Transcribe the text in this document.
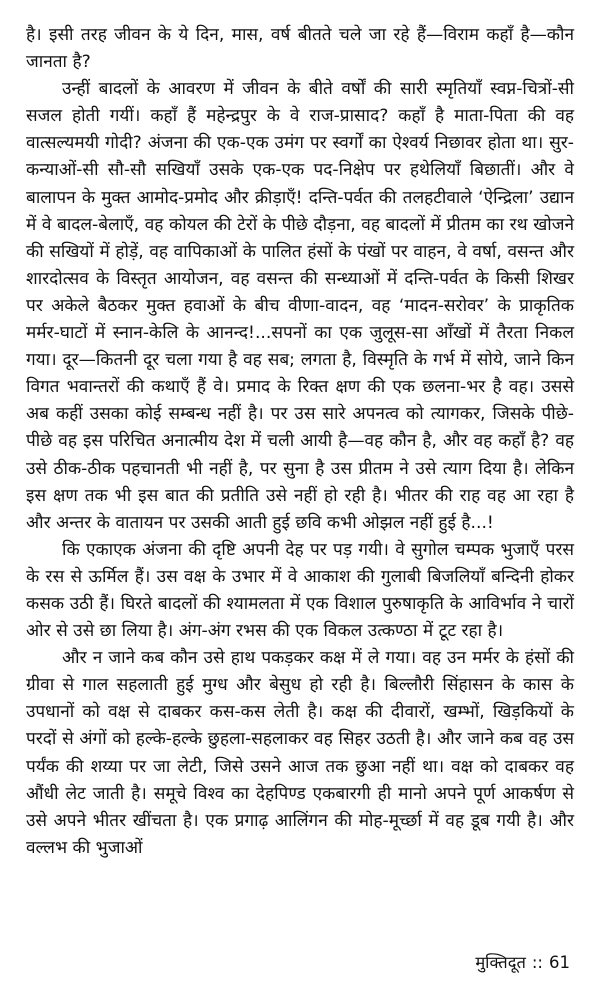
है। इसी तरह जीवन के ये दिन, मास, वर्ष बीतते चले जा रहे हैं—विराम कहाँ है—कौन जानता है?

उन्हीं बादलों के आवरण में जीवन के बीते वर्षों की सारी स्मृतियाँ स्वप्न-चित्रों-सी सजल होती गयीं। कहाँ हैं महेन्द्रपुर के वे राज-प्रासाद? कहाँ है माता-पिता की वह वात्सल्यमयी गोदी? अंजना की एक-एक उमंग पर स्वर्गों का ऐश्वर्य निछावर होता था। सुर-कन्याओं-सी सौ-सौ सखियाँ उसके एक-एक पद-निक्षेप पर हथेलियाँ बिछातीं। और वे बालापन के मुक्त आमोद-प्रमोद और क्रीड़ाएँ! दन्ति-पर्वत की तलहटीवाले ‘ऐन्द्रिला’ उद्यान में वे बादल-बेलाएँ, वह कोयल की टेरों के पीछे दौड़ना, वह बादलों में प्रीतम का रथ खोजने की सखियों में होड़ें, वह वापिकाओं के पालित हंसों के पंखों पर वाहन, वे वर्षा, वसन्त और शारदोत्सव के विस्तृत आयोजन, वह वसन्त की सन्ध्याओं में दन्ति-पर्वत के किसी शिखर पर अकेले बैठकर मुक्त हवाओं के बीच वीणा-वादन, वह ‘मादन-सरोवर’ के प्राकृतिक मर्मर-घाटों में स्नान-केलि के आनन्द!...सपनों का एक जुलूस-सा आँखों में तैरता निकल गया। दूर—कितनी दूर चला गया है वह सब; लगता है, विस्मृति के गर्भ में सोये, जाने किन विगत भवान्तरों की कथाएँ हैं वे। प्रमाद के रिक्त क्षण की एक छलना-भर है वह। उससे अब कहीं उसका कोई सम्बन्ध नहीं है। पर उस सारे अपनत्व को त्यागकर, जिसके पीछे-पीछे वह इस परिचित अनात्मीय देश में चली आयी है—वह कौन है, और वह कहाँ है? वह उसे ठीक-ठीक पहचानती भी नहीं है, पर सुना है उस प्रीतम ने उसे त्याग दिया है। लेकिन इस क्षण तक भी इस बात की प्रतीति उसे नहीं हो रही है। भीतर की राह वह आ रहा है और अन्तर के वातायन पर उसकी आती हुई छवि कभी ओझल नहीं हुई है...!

कि एकाएक अंजना की दृष्टि अपनी देह पर पड़ गयी। वे सुगोल चम्पक भुजाएँ परस के रस से ऊर्मिल हैं। उस वक्ष के उभार में वे आकाश की गुलाबी बिजलियाँ बन्दिनी होकर कसक उठी हैं। घिरते बादलों की श्यामलता में एक विशाल पुरुषाकृति के आविर्भाव ने चारों ओर से उसे छा लिया है। अंग-अंग रभस की एक विकल उत्कण्ठा में टूट रहा है।

और न जाने कब कौन उसे हाथ पकड़कर कक्ष में ले गया। वह उन मर्मर के हंसों की ग्रीवा से गाल सहलाती हुई मुग्ध और बेसुध हो रही है। बिल्लौरी सिंहासन के कास के उपधानों को वक्ष से दाबकर कस-कस लेती है। कक्ष की दीवारों, खम्भों, खिड़कियों के परदों से अंगों को हल्के-हल्के छुहला-सहलाकर वह सिहर उठती है। और जाने कब वह उस पर्यंक की शय्या पर जा लेटी, जिसे उसने आज तक छुआ नहीं था। वक्ष को दाबकर वह औंधी लेट जाती है। समूचे विश्व का देहपिण्ड एकबारगी ही मानो अपने पूर्ण आकर्षण से उसे अपने भीतर खींचता है। एक प्रगाढ़ आलिंगन की मोह-मूर्च्छा में वह डूब गयी है। और वल्लभ की भुजाओं

मुक्तिदूत :: 61
